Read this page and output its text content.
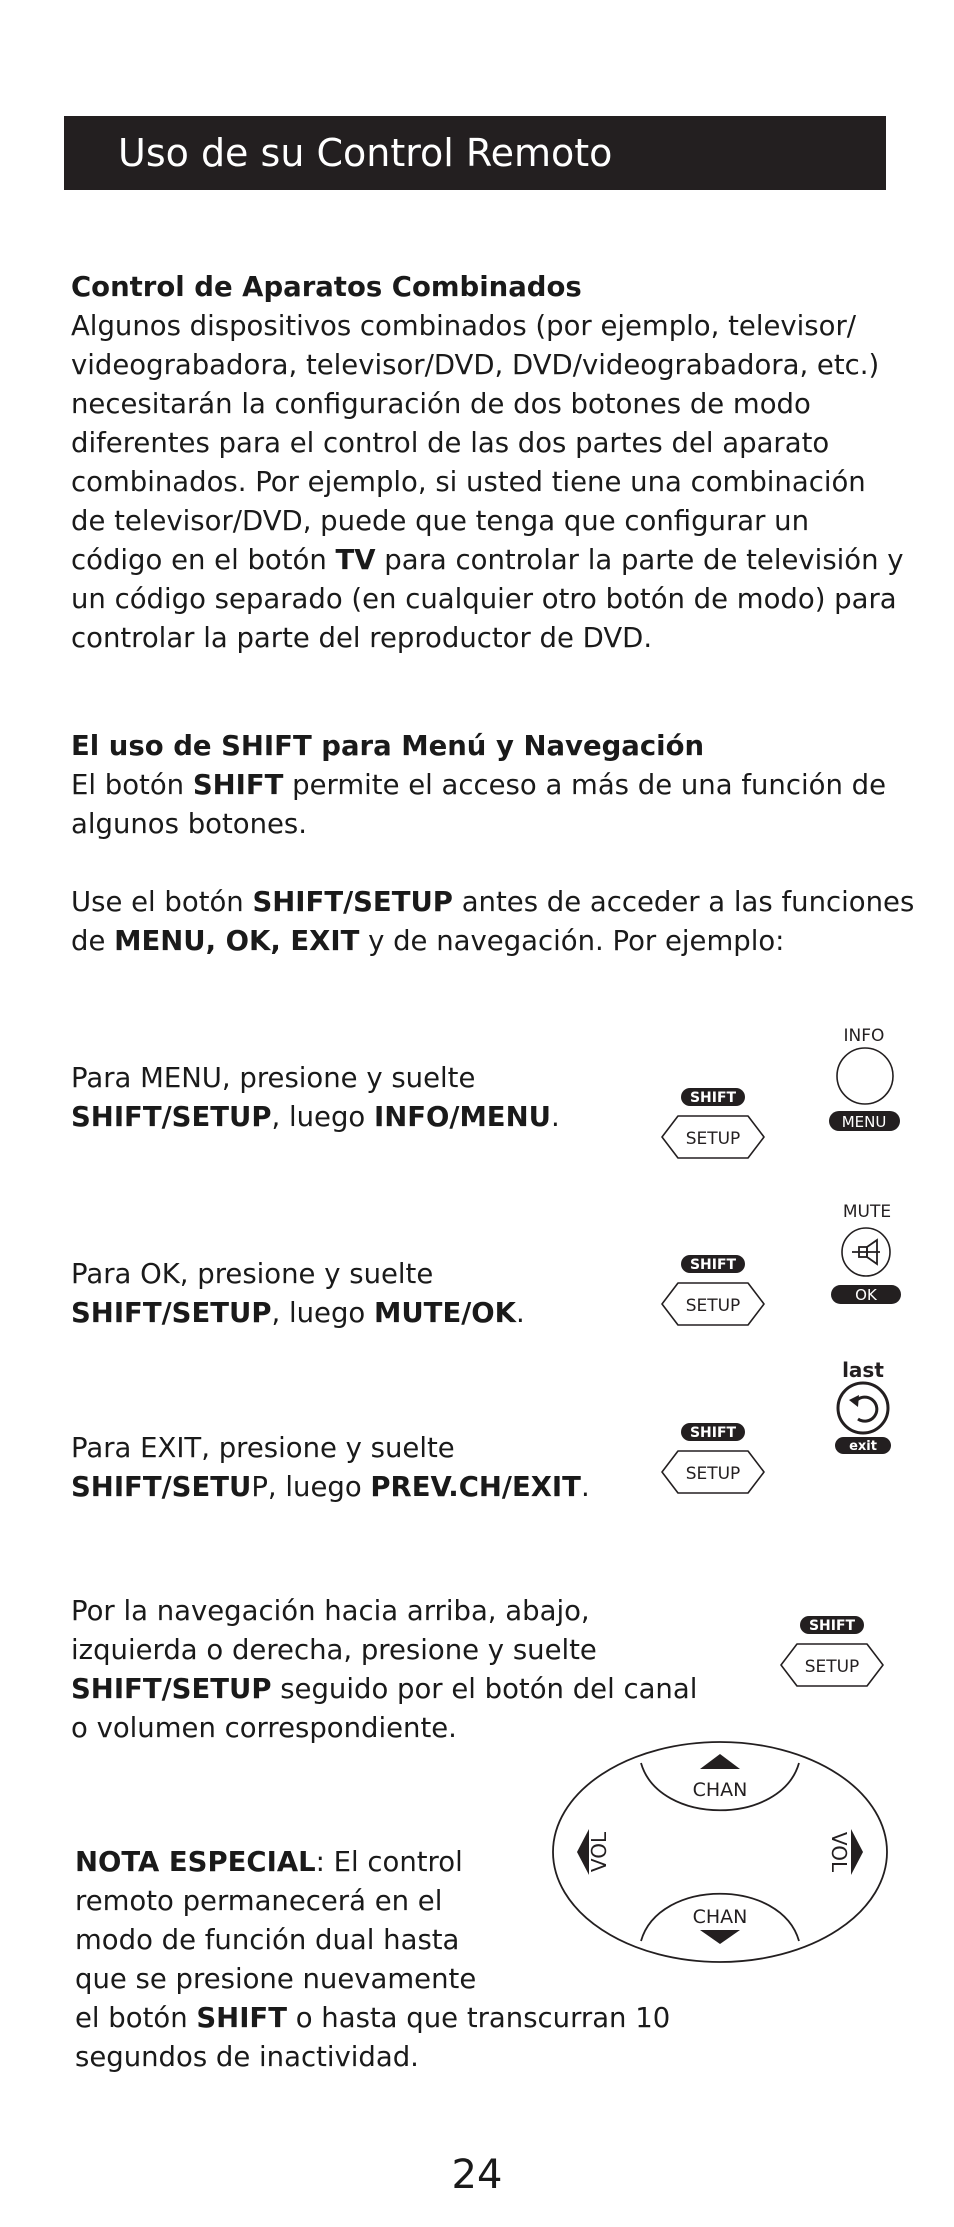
Uso de su Control Remoto

Control de Aparatos Combinados

Algunos dispositivos combinados (por ejemplo, televisor/

videograbadora, televisor/DVD, DVD/videograbadora, etc.)

necesitarán la configuración de dos botones de modo

diferentes para el control de las dos partes del aparato

combinados. Por ejemplo, si usted tiene una combinación

de televisor/DVD, puede que tenga que configurar un

código en el botón TV para controlar la parte de televisión y

un código separado (en cualquier otro botón de modo) para

controlar la parte del reproductor de DVD.

El uso de SHIFT para Menú y Navegación

El botón SHIFT permite el acceso a más de una función de

algunos botones.

Use el botón SHIFT/SETUP antes de acceder a las funciones

de MENU, OK, EXIT y de navegación. Por ejemplo:

Para MENU, presione y suelte

SHIFT/SETUP, luego INFO/MENU.

Para OK, presione y suelte

SHIFT/SETUP, luego MUTE/OK.

Para EXIT, presione y suelte

SHIFT/SETUP, luego PREV.CH/EXIT.

Por la navegación hacia arriba, abajo,

izquierda o derecha, presione y suelte

SHIFT/SETUP seguido por el botón del canal

o volumen correspondiente.

NOTA ESPECIAL: El control

remoto permanecerá en el

modo de función dual hasta

que se presione nuevamente

el botón SHIFT o hasta que transcurran 10

segundos de inactividad.

SHIFT
SETUP
SHIFT
SETUP
SHIFT
SETUP
SHIFT
SETUP
INFO
MENU
MUTE
OK
last
exit
CHAN
CHAN
VOL	VOL
24
